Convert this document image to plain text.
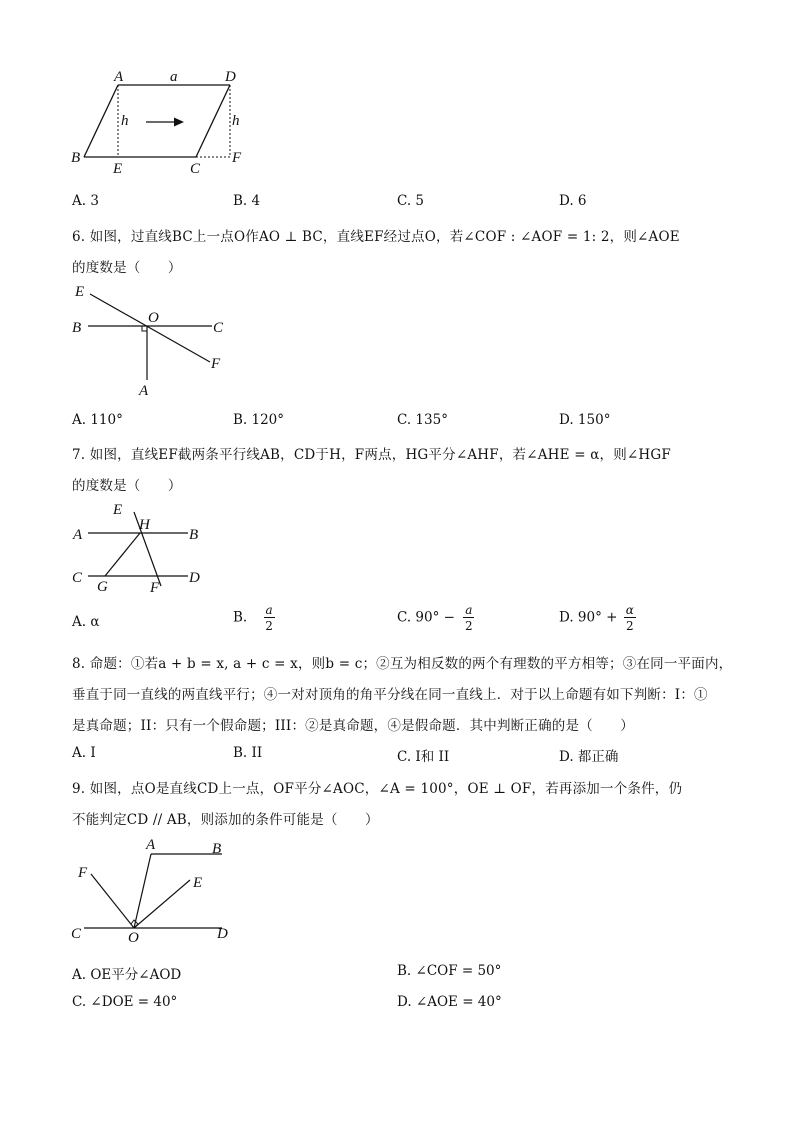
A	a	D
h	h
B
E	C
F
A. 3	B. 4	C. 5	D. 6
6. 如图，过直线BC上一点O作AO ⊥ BC，直线EF经过点O，若∠COF : ∠AOF = 1: 2，则∠AOE
的度数是（　　）
E
B
O
C
F
A
A. 110°	B. 120°	C. 135°	D. 150°
7. 如图，直线EF截两条平行线AB，CD于H，F两点，HG平分∠AHF，若∠AHE = α，则∠HGF
的度数是（　　）
E
H
A	B
C
G	F
D
A. α	B. $\frac{a}{2}$	C. $90^\circ - \frac{a}{2}$	D. $90^\circ + \frac{\alpha}{2}$
8. 命题：①若a + b = x, a + c = x，则b = c；②互为相反数的两个有理数的平方相等；③在同一平面内，
垂直于同一直线的两直线平行；④一对对顶角的角平分线在同一直线上．对于以上命题有如下判断：I：①
是真命题；II：只有一个假命题；III：②是真命题，④是假命题．其中判断正确的是（　　）
A. I	B. II	C. I和 II	D. 都正确
9. 如图，点O是直线CD上一点，OF平分∠AOC，∠A = 100°，OE ⊥ OF，若再添加一个条件，仍
不能判定CD // AB，则添加的条件可能是（　　）
A	B
F
E
C	O	D
A. OE平分∠AOD	B. ∠COF = 50°
C. ∠DOE = 40°	D. ∠AOE = 40°
